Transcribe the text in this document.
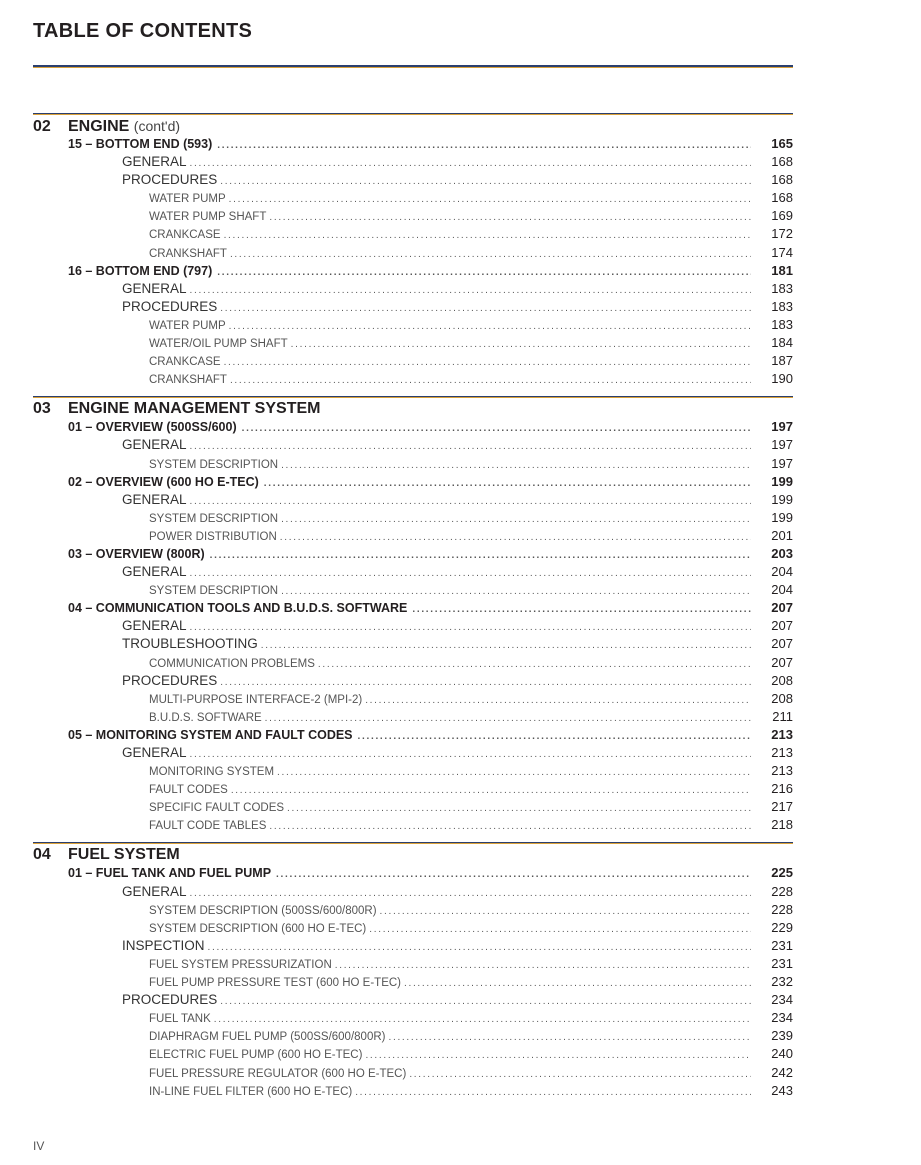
TABLE OF CONTENTS
02 ENGINE (cont'd)
15 – BOTTOM END (593) .....	165
GENERAL .....	168
PROCEDURES .....	168
WATER PUMP .....	168
WATER PUMP SHAFT .....	169
CRANKCASE .....	172
CRANKSHAFT .....	174
16 – BOTTOM END (797) .....	181
GENERAL .....	183
PROCEDURES .....	183
WATER PUMP .....	183
WATER/OIL PUMP SHAFT .....	184
CRANKCASE .....	187
CRANKSHAFT .....	190
03 ENGINE MANAGEMENT SYSTEM
01 – OVERVIEW (500SS/600) .....	197
GENERAL .....	197
SYSTEM DESCRIPTION .....	197
02 – OVERVIEW (600 HO E-TEC) .....	199
GENERAL .....	199
SYSTEM DESCRIPTION .....	199
POWER DISTRIBUTION .....	201
03 – OVERVIEW (800R) .....	203
GENERAL .....	204
SYSTEM DESCRIPTION .....	204
04 – COMMUNICATION TOOLS AND B.U.D.S. SOFTWARE .....	207
GENERAL .....	207
TROUBLESHOOTING .....	207
COMMUNICATION PROBLEMS .....	207
PROCEDURES .....	208
MULTI-PURPOSE INTERFACE-2 (MPI-2) .....	208
B.U.D.S. SOFTWARE .....	211
05 – MONITORING SYSTEM AND FAULT CODES .....	213
GENERAL .....	213
MONITORING SYSTEM .....	213
FAULT CODES .....	216
SPECIFIC FAULT CODES .....	217
FAULT CODE TABLES .....	218
04 FUEL SYSTEM
01 – FUEL TANK AND FUEL PUMP .....	225
GENERAL .....	228
SYSTEM DESCRIPTION (500SS/600/800R) .....	228
SYSTEM DESCRIPTION (600 HO E-TEC) .....	229
INSPECTION .....	231
FUEL SYSTEM PRESSURIZATION .....	231
FUEL PUMP PRESSURE TEST (600 HO E-TEC) .....	232
PROCEDURES .....	234
FUEL TANK .....	234
DIAPHRAGM FUEL PUMP (500SS/600/800R) .....	239
ELECTRIC FUEL PUMP (600 HO E-TEC) .....	240
FUEL PRESSURE REGULATOR (600 HO E-TEC) .....	242
IN-LINE FUEL FILTER (600 HO E-TEC) .....	243
IV
